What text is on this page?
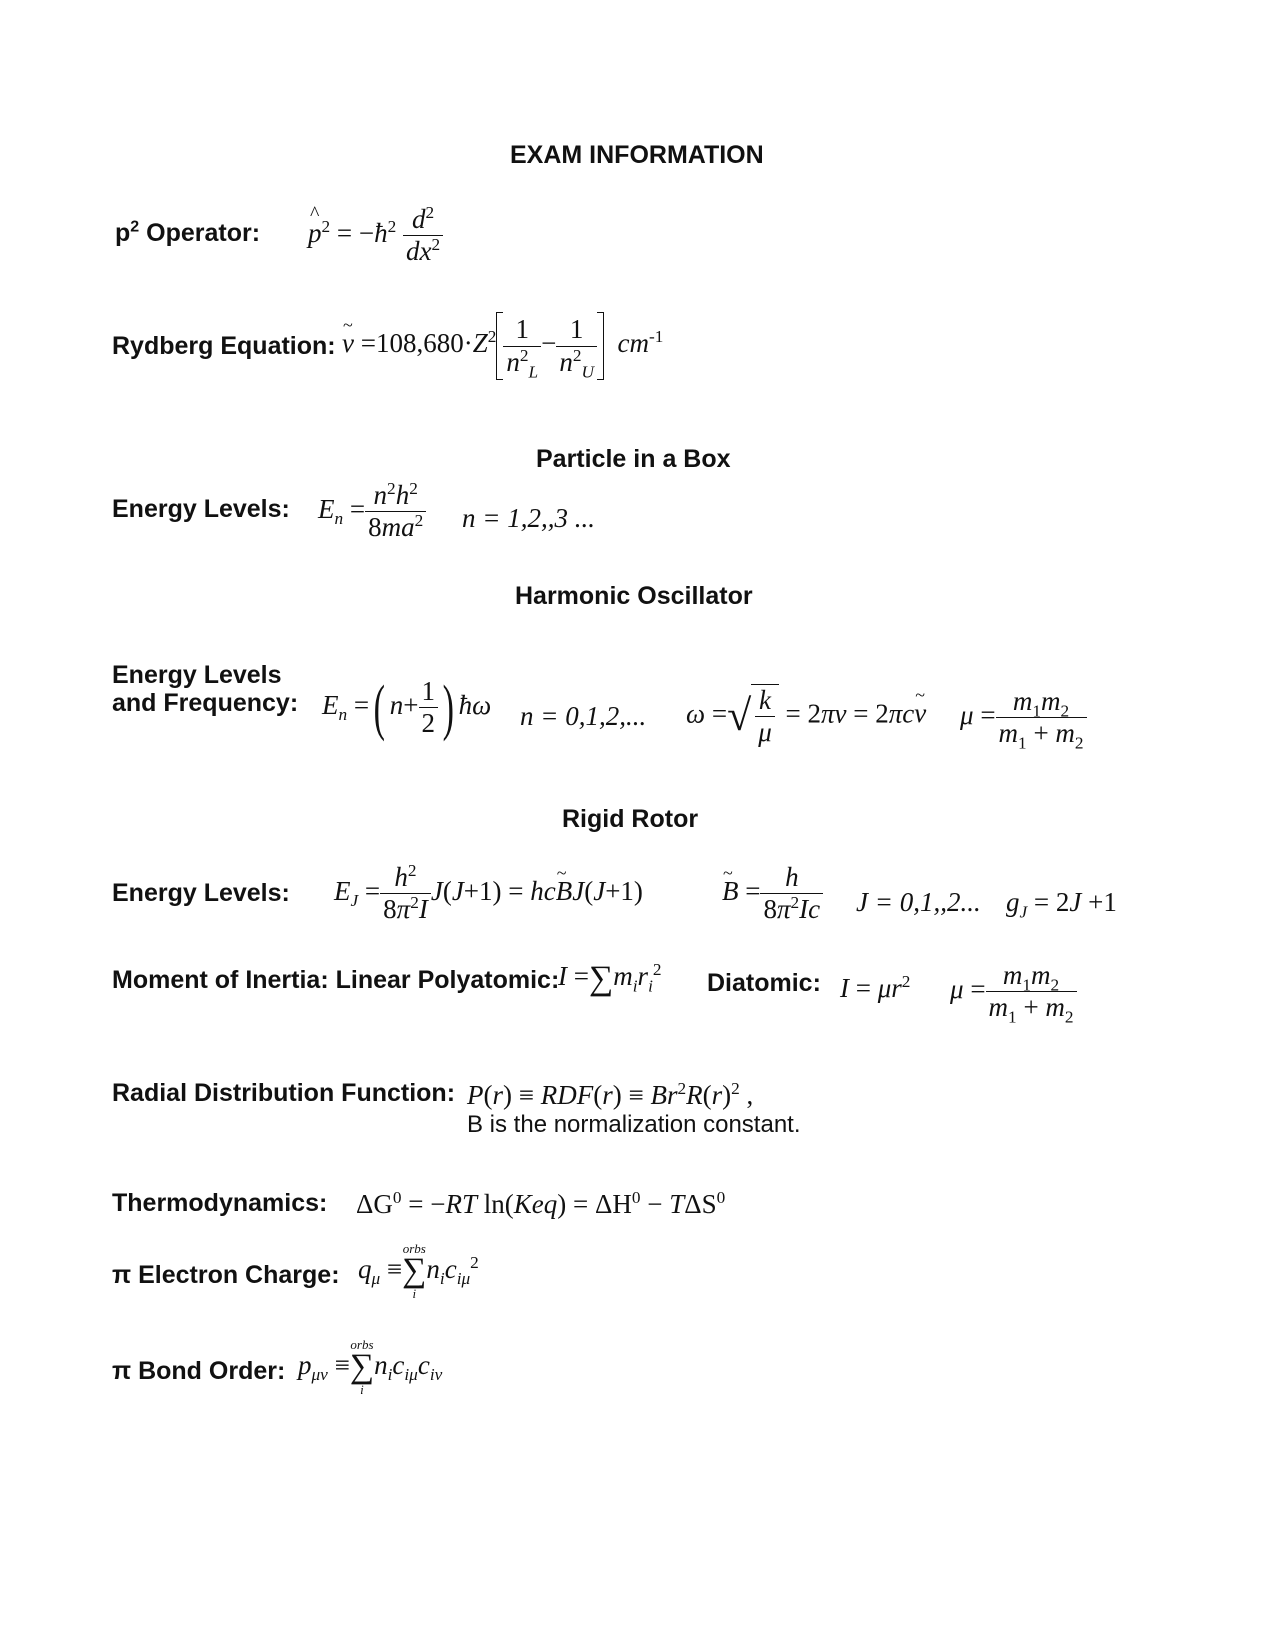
EXAM INFORMATION
$p^2$ Operator: ^ $p^2$ = $-ħ^2 \frac{d^2}{dx^2}$
Rydberg Equation: ~ $\nu =108,680\cdot Z^2 \frac{1}{n^2_L} - \frac{1}{n^2_U} cm^{-1}$
Particle in a Box
Energy Levels: $E_n = \frac{n^2h^2}{8ma^2}$ n = 1,2,,3 ...
Harmonic Oscillator
Energy Levels
and Frequency: $E_n$ =( $n+ \frac{1}{2}$ ) ħω n = 0,1,2,... ω =√ $\frac{k}{\mu} = 2\pi\nu$ = 2πc~ ν $\mu = \frac{m_1m_2}{m_1 + m_2}$
Rigid Rotor
Energy Levels: $E_J = \frac{h^2}{8\pi^2I} J(J+1)$ = hc~ BJ(J+1)	~ $B = \frac{h}{8\pi^2Ic}$ J = 0,1,,2... $g_J = 2J +1$
Moment of Inertia: Linear Polyatomic:
$I =\sum m_ir_i^2$ Diatomic: $I = \mu r^2$ $\mu = \frac{m_1m_2}{m_1 + m_2}$
Radial Distribution Function: $P(r) \equiv RDF(r) \equiv Br^2R(r)^2$ ,
B is the normalization constant.
Thermodynamics: $\Delta G^0 = -RT$ $\ln(Keq) = \Delta H^0 - T\Delta S^0$
π Electron Charge: $q_\mu$ ≡
orbs
∑
i
$n_ic_{i\mu}^2$
π Bond Order: $p_{\mu\nu}$ ≡
orbs
∑
i
$n_ic_{i\mu}c_{i\nu}$
